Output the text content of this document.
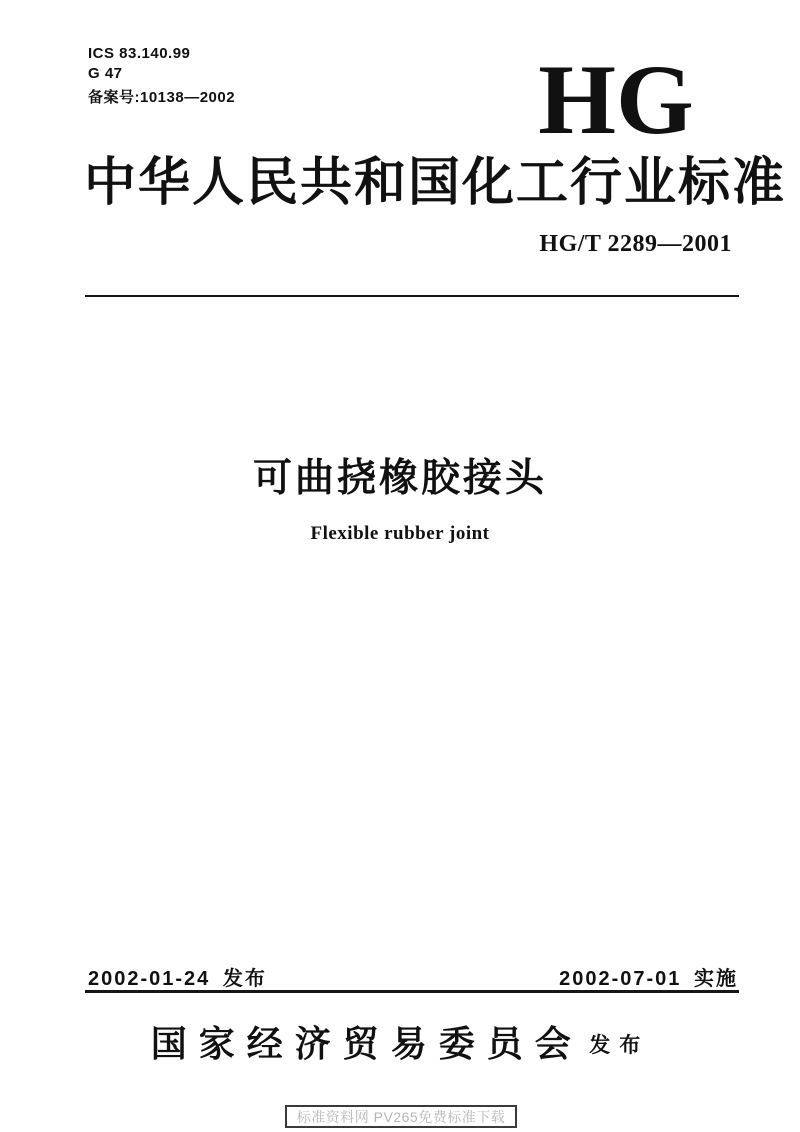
ICS 83.140.99
G 47
备案号:10138—2002	HG
中华人民共和国化工行业标准
HG/T 2289—2001
可曲挠橡胶接头
Flexible rubber joint
2002-01-24 发布	2002-07-01 实施
国家经济贸易委员会 发布
标准资料网 PV265免费标准下载
